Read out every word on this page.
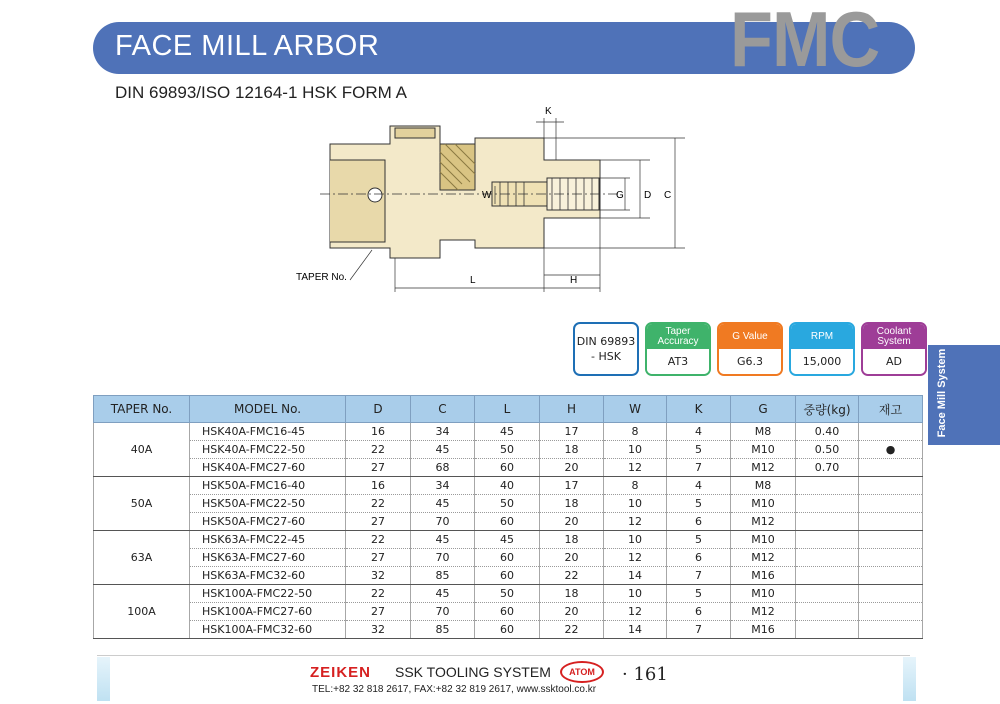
FACE MILL ARBOR	FMC
DIN 69893/ISO 12164-1 HSK FORM A
K
W	G D C
L	H
TAPER No.
DIN 69893
- HSK
Taper Accuracy
AT3
G Value
G6.3
RPM
15,000
Coolant System
AD
TAPER No.	MODEL No.	D	C	L	H	W	K	G	중량(kg)	재고
40A	HSK40A-FMC16-45	16	34	45	17	8	4	M8	0.40	
	HSK40A-FMC22-50	22	45	50	18	10	5	M10	0.50	●
	HSK40A-FMC27-60	27	68	60	20	12	7	M12	0.70	
50A	HSK50A-FMC16-40	16	34	40	17	8	4	M8		
	HSK50A-FMC22-50	22	45	50	18	10	5	M10		
	HSK50A-FMC27-60	27	70	60	20	12	6	M12		
63A	HSK63A-FMC22-45	22	45	45	18	10	5	M10		
	HSK63A-FMC27-60	27	70	60	20	12	6	M12		
	HSK63A-FMC32-60	32	85	60	22	14	7	M16		
100A	HSK100A-FMC22-50	22	45	50	18	10	5	M10		
	HSK100A-FMC27-60	27	70	60	20	12	6	M12		
	HSK100A-FMC32-60	32	85	60	22	14	7	M16		
Face Mill System
ZEIKEN SSK TOOLING SYSTEM	ATOM	· 161
TEL:+82 32 818 2617, FAX:+82 32 819 2617, www.ssktool.co.kr
